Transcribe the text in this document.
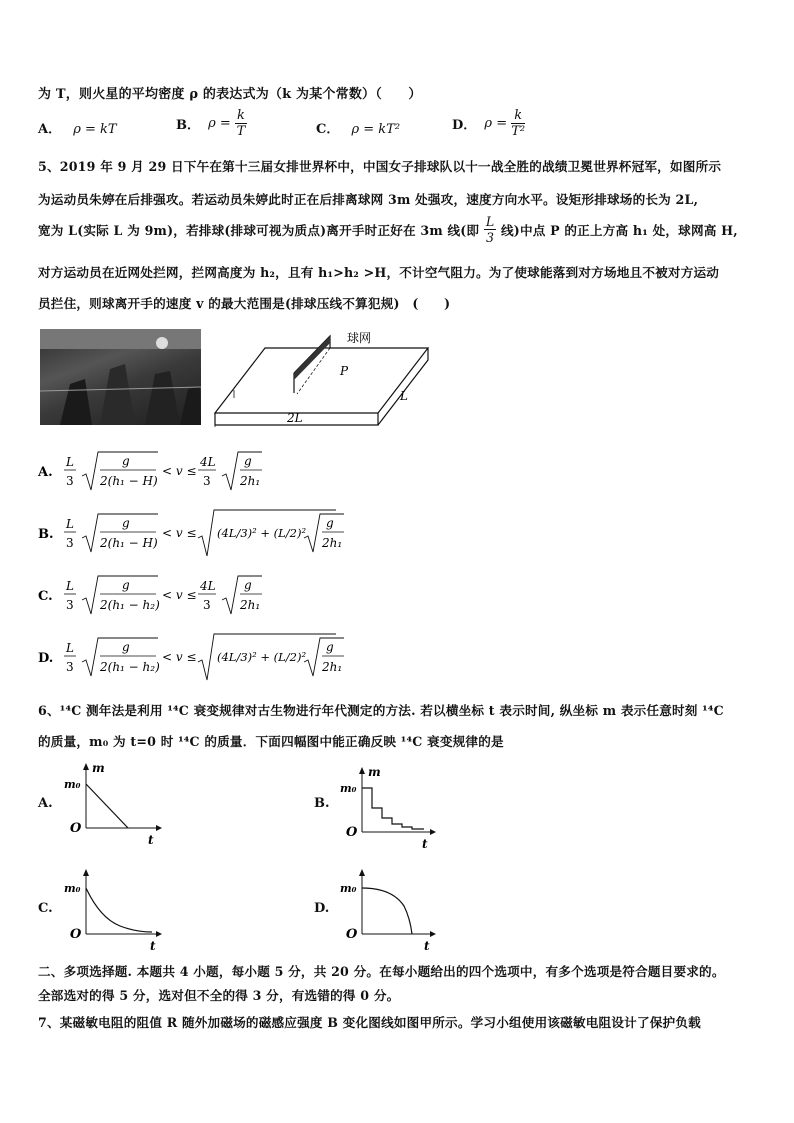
为 T，则火星的平均密度 ρ 的表达式为（k 为某个常数）（　　）
A． ρ = kT	B． $\rho = \frac{k}{T}$	C． ρ = kT²	D． $\rho = \frac{k}{\text{T²}}$
5、2019 年 9 月 29 日下午在第十三届女排世界杯中，中国女子排球队以十一战全胜的战绩卫冕世界杯冠军，如图所示
为运动员朱婷在后排强攻。若运动员朱婷此时正在后排离球网 3m 处强攻，速度方向水平。设矩形排球场的长为 2L,
宽为 L(实际 L 为 9m)，若排球(排球可视为质点)离开手时正好在 3m 线(即 $\frac{L}{3}$ 线)中点 P 的正上方高 h₁ 处，球网高 H,
对方运动员在近网处拦网，拦网高度为 h₂，且有 h₁>h₂ >H，不计空气阻力。为了使球能落到对方场地且不被对方运动
员拦住，则球离开手的速度 v 的最大范围是(排球压线不算犯规)　(　　)
球网
P
2L
L
A.
L
3
g
2(h₁ − H)
< v ≤
4L
3
g
2h₁
B.
L
3
g
2(h₁ − H)
< v ≤ (4L/3)² + (L/2)²
g
2h₁
C.
L
3
g
2(h₁ − h₂)
< v ≤
4L
3
g
2h₁
D.
L
3
g
2(h₁ − h₂)
< v ≤ (4L/3)² + (L/2)²
g
2h₁
6、¹⁴C 测年法是利用 ¹⁴C 衰变规律对古生物进行年代测定的方法. 若以横坐标 t 表示时间, 纵坐标 m 表示任意时刻 ¹⁴C
的质量，m₀ 为 t=0 时 ¹⁴C 的质量．下面四幅图中能正确反映 ¹⁴C 衰变规律的是
A.
m
m₀
O
t
B.
m
m₀
O
t
C.
m₀
O
t
D.
m₀
O
t
二、多项选择题. 本题共 4 小题，每小题 5 分，共 20 分。在每小题给出的四个选项中，有多个选项是符合题目要求的。
全部选对的得 5 分，选对但不全的得 3 分，有选错的得 0 分。
7、某磁敏电阻的阻值 R 随外加磁场的磁感应强度 B 变化图线如图甲所示。学习小组使用该磁敏电阻设计了保护负载
